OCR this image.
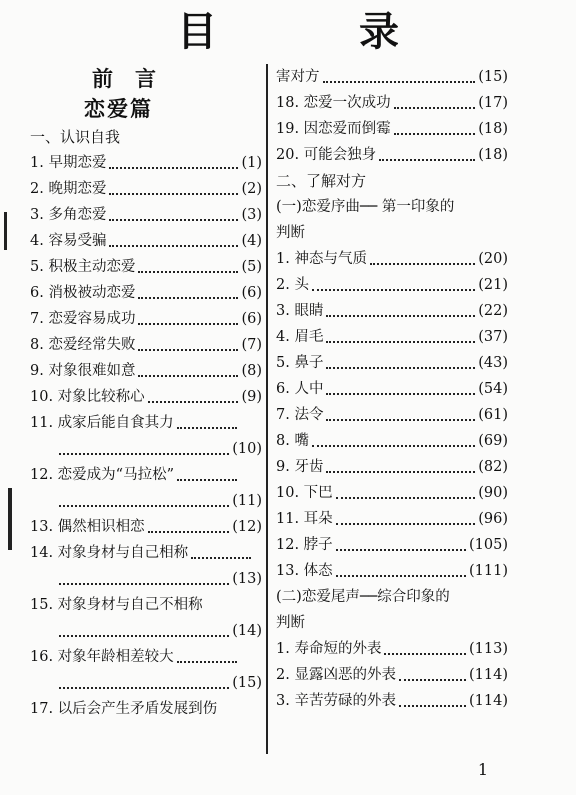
目 录
前 言
恋爱篇
一、认识自我
1. 早期恋爱	(1)
2. 晚期恋爱	(2)
3. 多角恋爱	(3)
4. 容易受骗	(4)
5. 积极主动恋爱	(5)
6. 消极被动恋爱	(6)
7. 恋爱容易成功	(6)
8. 恋爱经常失败	(7)
9. 对象很难如意	(8)
10. 对象比较称心	(9)
11. 成家后能自食其力
(10)
12. 恋爱成为“马拉松”
(11)
13. 偶然相识相恋	(12)
14. 对象身材与自己相称
(13)
15. 对象身材与自己不相称
(14)
16. 对象年龄相差较大
(15)
17. 以后会产生矛盾发展到伤
害对方	(15)
18. 恋爱一次成功	(17)
19. 因恋爱而倒霉	(18)
20. 可能会独身	(18)
二、了解对方
(一)恋爱序曲── 第一印象的
判断
1. 神态与气质	(20)
2. 头	(21)
3. 眼睛	(22)
4. 眉毛	(37)
5. 鼻子	(43)
6. 人中	(54)
7. 法令	(61)
8. 嘴	(69)
9. 牙齿	(82)
10. 下巴	(90)
11. 耳朵	(96)
12. 脖子	(105)
13. 体态	(111)
(二)恋爱尾声──综合印象的
判断
1. 寿命短的外表	(113)
2. 显露凶恶的外表	(114)
3. 辛苦劳碌的外表	(114)
1
